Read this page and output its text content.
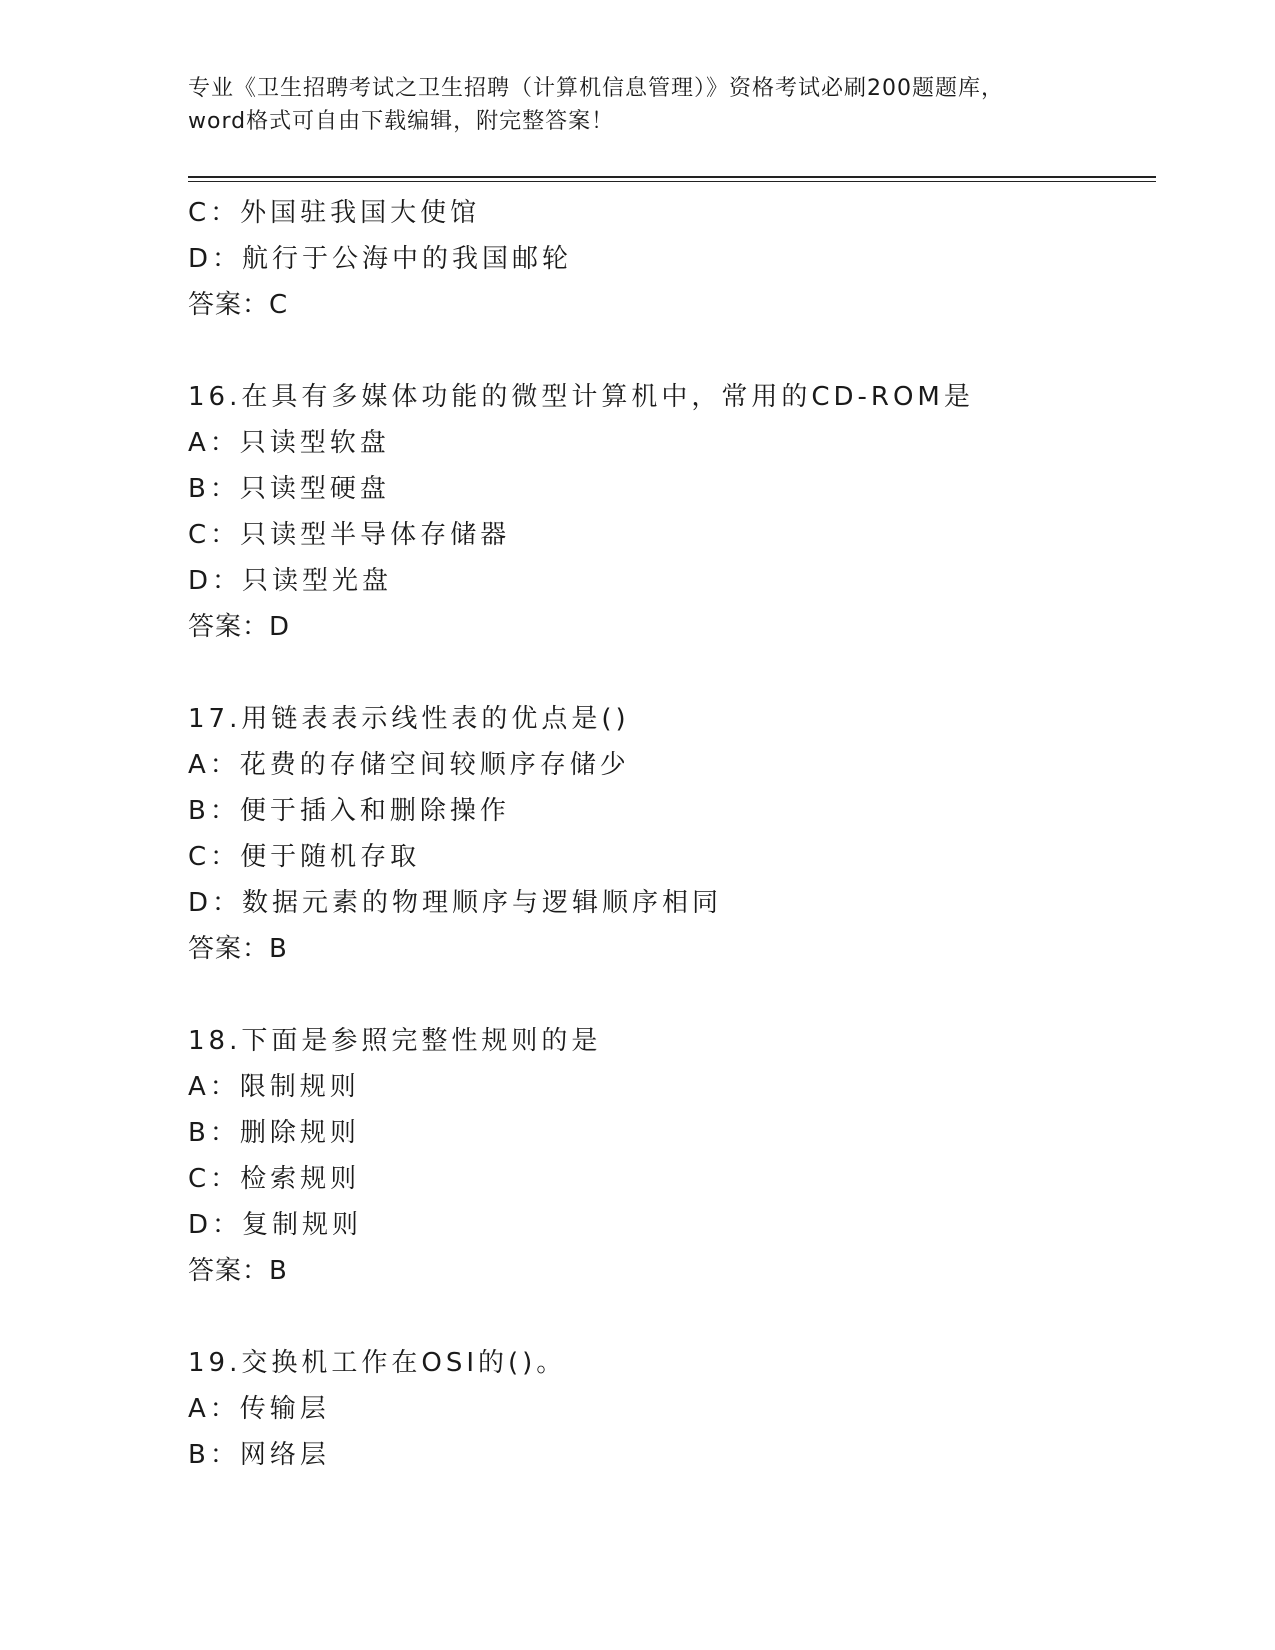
专业《卫生招聘考试之卫生招聘（计算机信息管理）》资格考试必刷200题题库，
word格式可自由下载编辑，附完整答案！
C：外国驻我国大使馆
D：航行于公海中的我国邮轮
答案：C
16.在具有多媒体功能的微型计算机中，常用的CD-ROM是
A：只读型软盘
B：只读型硬盘
C：只读型半导体存储器
D：只读型光盘
答案：D
17.用链表表示线性表的优点是()
A：花费的存储空间较顺序存储少
B：便于插入和删除操作
C：便于随机存取
D：数据元素的物理顺序与逻辑顺序相同
答案：B
18.下面是参照完整性规则的是
A：限制规则
B：删除规则
C：检索规则
D：复制规则
答案：B
19.交换机工作在OSI的()。
A：传输层
B：网络层
